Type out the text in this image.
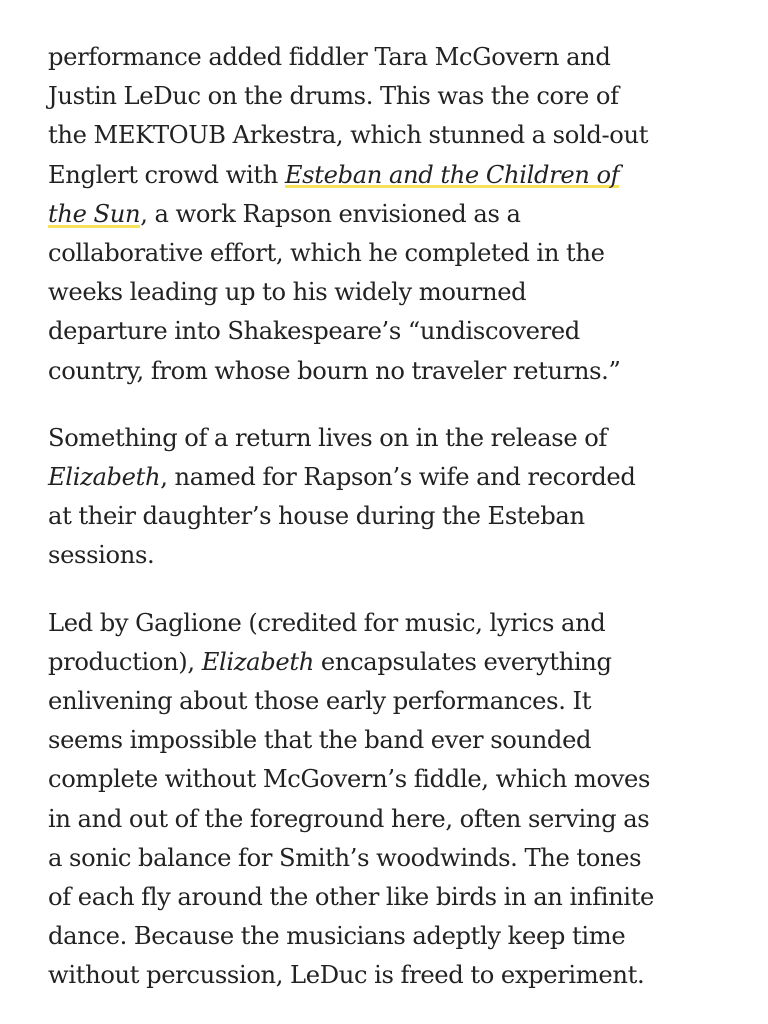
performance added fiddler Tara McGovern and
Justin LeDuc on the drums. This was the core of
the MEKTOUB Arkestra, which stunned a sold-out
Englert crowd with Esteban and the Children of
the Sun, a work Rapson envisioned as a
collaborative effort, which he completed in the
weeks leading up to his widely mourned
departure into Shakespeare’s “undiscovered
country, from whose bourn no traveler returns.”

Something of a return lives on in the release of
Elizabeth, named for Rapson’s wife and recorded
at their daughter’s house during the Esteban
sessions.

Led by Gaglione (credited for music, lyrics and
production), Elizabeth encapsulates everything
enlivening about those early performances. It
seems impossible that the band ever sounded
complete without McGovern’s fiddle, which moves
in and out of the foreground here, often serving as
a sonic balance for Smith’s woodwinds. The tones
of each fly around the other like birds in an infinite
dance. Because the musicians adeptly keep time
without percussion, LeDuc is freed to experiment.
